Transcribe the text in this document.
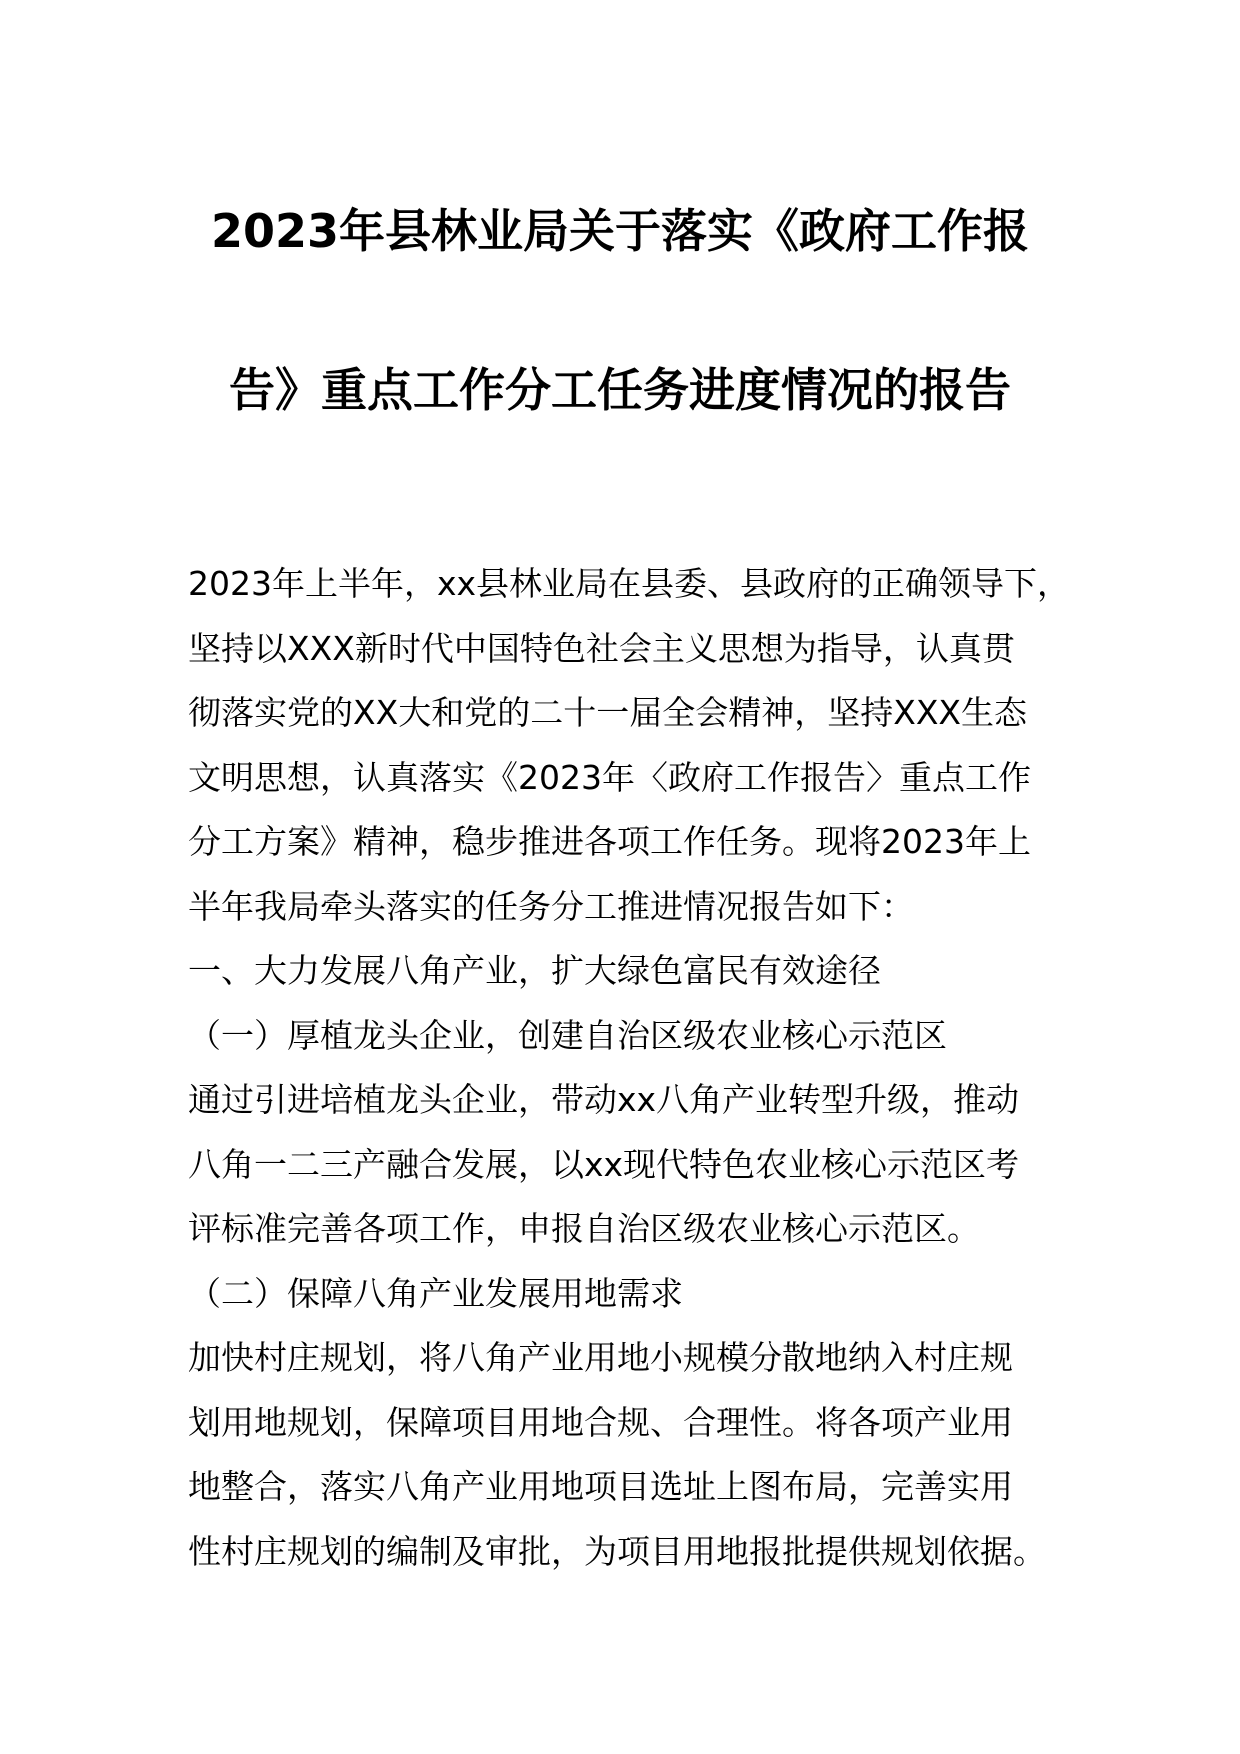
2023年县林业局关于落实《政府工作报
告》重点工作分工任务进度情况的报告
2023年上半年，xx县林业局在县委、县政府的正确领导下，
坚持以XXX新时代中国特色社会主义思想为指导，认真贯
彻落实党的XX大和党的二十一届全会精神，坚持XXX生态
文明思想，认真落实《2023年〈政府工作报告〉重点工作
分工方案》精神，稳步推进各项工作任务。现将2023年上
半年我局牵头落实的任务分工推进情况报告如下：
一、大力发展八角产业，扩大绿色富民有效途径
（一）厚植龙头企业，创建自治区级农业核心示范区
通过引进培植龙头企业，带动xx八角产业转型升级，推动
八角一二三产融合发展，以xx现代特色农业核心示范区考
评标准完善各项工作，申报自治区级农业核心示范区。
（二）保障八角产业发展用地需求
加快村庄规划，将八角产业用地小规模分散地纳入村庄规
划用地规划，保障项目用地合规、合理性。将各项产业用
地整合，落实八角产业用地项目选址上图布局，完善实用
性村庄规划的编制及审批，为项目用地报批提供规划依据。
